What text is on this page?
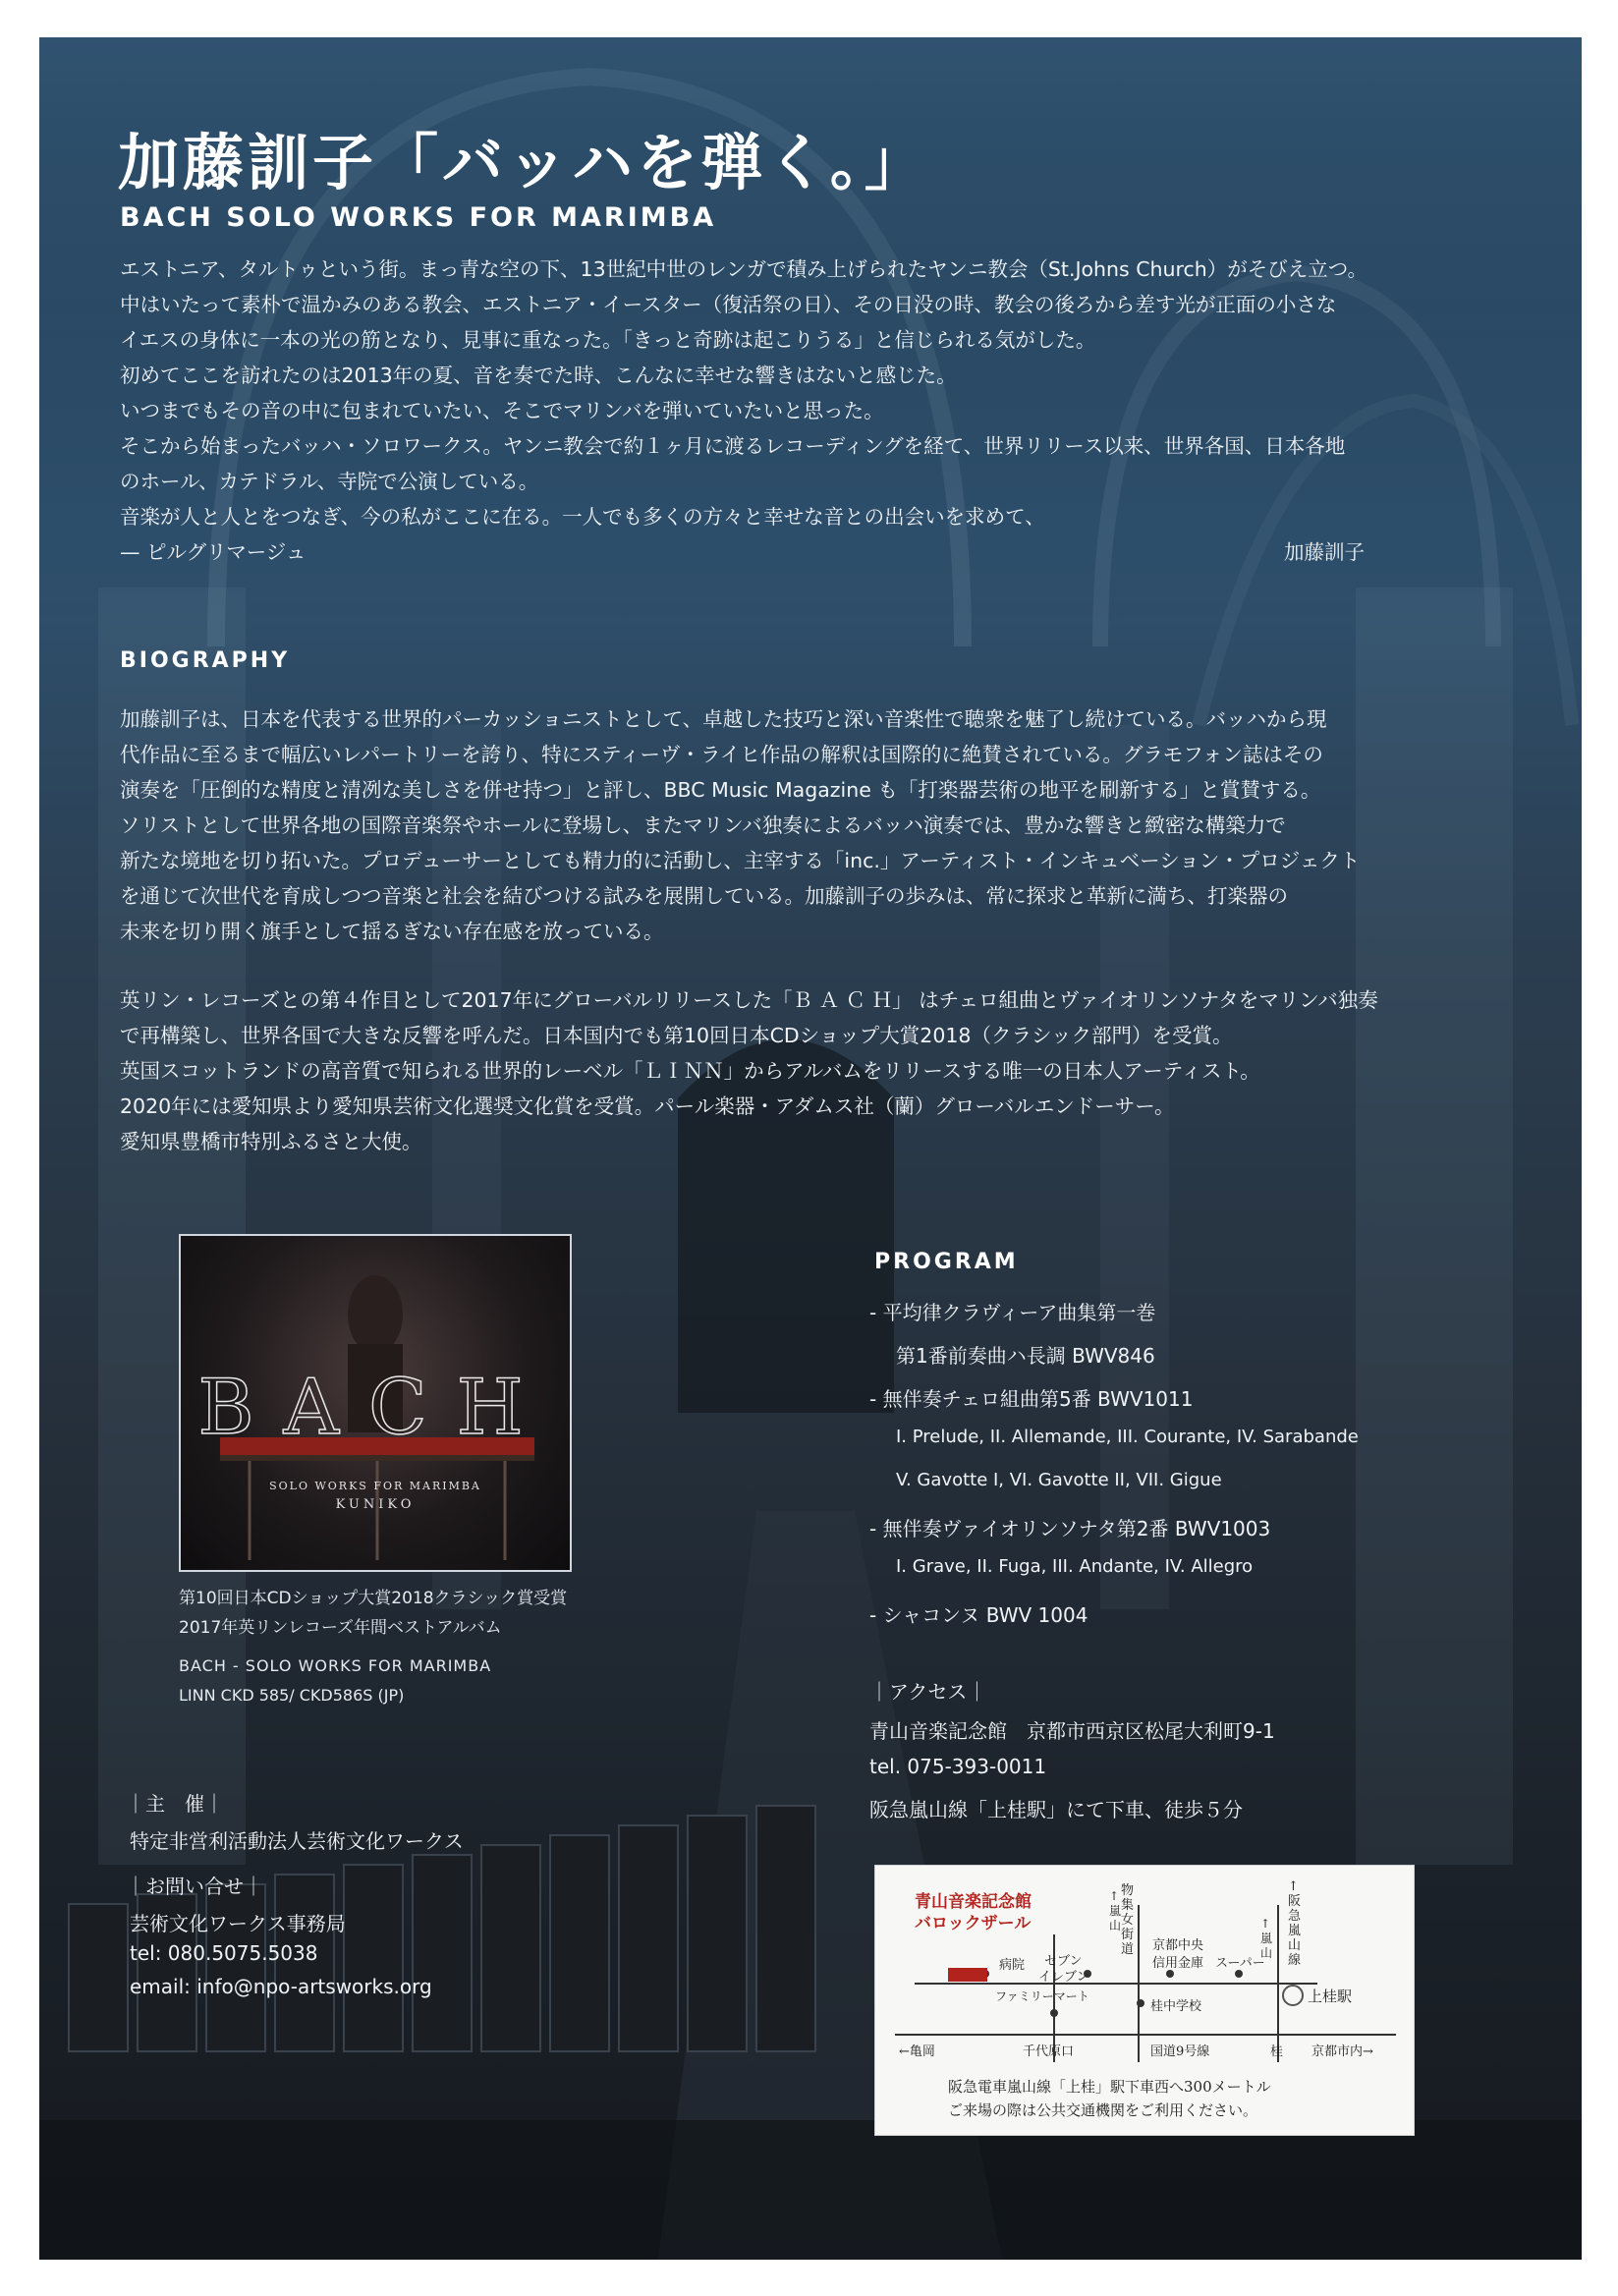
加藤訓子「バッハを弾く。」
BACH SOLO WORKS FOR MARIMBA
エストニア、タルトゥという街。まっ青な空の下、13世紀中世のレンガで積み上げられたヤンニ教会（St.Johns Church）がそびえ立つ。
中はいたって素朴で温かみのある教会、エストニア・イースター（復活祭の日）、その日没の時、教会の後ろから差す光が正面の小さな
イエスの身体に一本の光の筋となり、見事に重なった。「きっと奇跡は起こりうる」と信じられる気がした。
初めてここを訪れたのは2013年の夏、音を奏でた時、こんなに幸せな響きはないと感じた。
いつまでもその音の中に包まれていたい、そこでマリンバを弾いていたいと思った。
そこから始まったバッハ・ソロワークス。ヤンニ教会で約１ヶ月に渡るレコーディングを経て、世界リリース以来、世界各国、日本各地
のホール、カテドラル、寺院で公演している。
音楽が人と人とをつなぎ、今の私がここに在る。一人でも多くの方々と幸せな音との出会いを求めて、
— ピルグリマージュ	加藤訓子
BIOGRAPHY
加藤訓子は、日本を代表する世界的パーカッショニストとして、卓越した技巧と深い音楽性で聴衆を魅了し続けている。バッハから現
代作品に至るまで幅広いレパートリーを誇り、特にスティーヴ・ライヒ作品の解釈は国際的に絶賛されている。グラモフォン誌はその
演奏を「圧倒的な精度と清冽な美しさを併せ持つ」と評し、BBC Music Magazine も「打楽器芸術の地平を刷新する」と賞賛する。
ソリストとして世界各地の国際音楽祭やホールに登場し、またマリンバ独奏によるバッハ演奏では、豊かな響きと緻密な構築力で
新たな境地を切り拓いた。プロデューサーとしても精力的に活動し、主宰する「inc.」アーティスト・インキュベーション・プロジェクト
を通じて次世代を育成しつつ音楽と社会を結びつける試みを展開している。加藤訓子の歩みは、常に探求と革新に満ち、打楽器の
未来を切り開く旗手として揺るぎない存在感を放っている。
英リン・レコーズとの第４作目として2017年にグローバルリリースした「Ｂ Ａ Ｃ Ｈ」 はチェロ組曲とヴァイオリンソナタをマリンバ独奏
で再構築し、世界各国で大きな反響を呼んだ。日本国内でも第10回日本CDショップ大賞2018（クラシック部門）を受賞。
英国スコットランドの高音質で知られる世界的レーベル「ＬＩＮＮ」からアルバムをリリースする唯一の日本人アーティスト。
2020年には愛知県より愛知県芸術文化選奨文化賞を受賞。パール楽器・アダムス社（蘭）グローバルエンドーサー。
愛知県豊橋市特別ふるさと大使。
BACH
SOLO WORKS FOR MARIMBA
KUNIKO
第10回日本CDショップ大賞2018クラシック賞受賞
2017年英リンレコーズ年間ベストアルバム
BACH - SOLO WORKS FOR MARIMBA
LINN CKD 585/ CKD586S (JP)
PROGRAM
- 平均律クラヴィーア曲集第一巻
第1番前奏曲ハ長調 BWV846
- 無伴奏チェロ組曲第5番 BWV1011
I. Prelude, II. Allemande, III. Courante, IV. Sarabande
V. Gavotte I, VI. Gavotte II, VII. Gigue
- 無伴奏ヴァイオリンソナタ第2番 BWV1003
I. Grave, II. Fuga, III. Andante, IV. Allegro
- シャコンヌ BWV 1004
｜アクセス｜
青山音楽記念館　京都市西京区松尾大利町9-1
tel. 075-393-0011
阪急嵐山線「上桂駅」にて下車、徒歩５分
｜主　催｜
特定非営利活動法人芸術文化ワークス
｜お問い合せ｜
芸術文化ワークス事務局
tel: 080.5075.5038
email: info@npo-artsworks.org
青山音楽記念館
バロックザール
病院 セブン
イレブン
↑
嵐
山
物
集
女
街
道 京都中央
信用金庫 スーパー
↑
嵐
山
↑
阪
急
嵐
山
線
ファミリーマート
桂中学校
上桂駅
←亀岡	千代原口	国道9号線	桂 京都市内→
阪急電車嵐山線「上桂」駅下車西へ300メートル
ご来場の際は公共交通機関をご利用ください。
